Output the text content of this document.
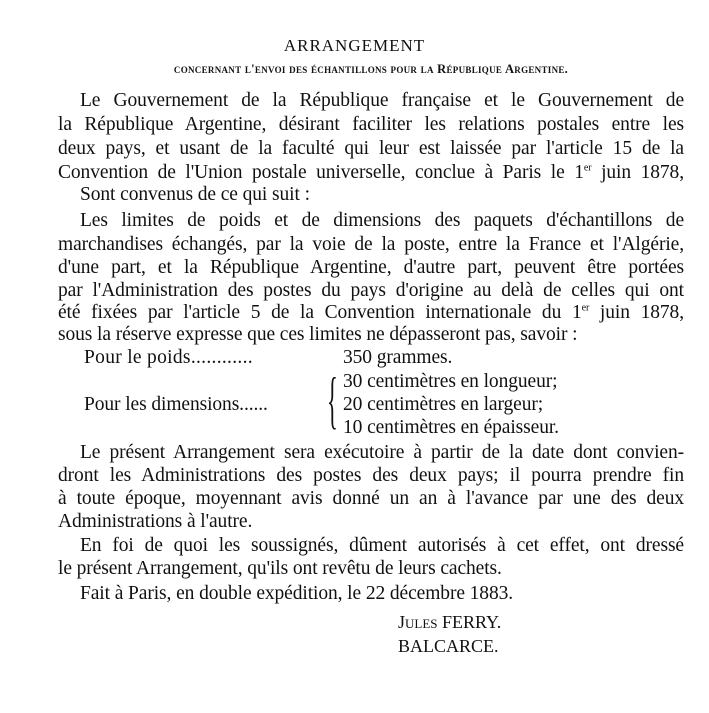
ARRANGEMENT
concernant l'envoi des échantillons pour la République Argentine.
Le Gouvernement de la République française et le Gouvernement de
la République Argentine, désirant faciliter les relations postales entre les
deux pays, et usant de la faculté qui leur est laissée par l'article 15 de la
Convention de l'Union postale universelle, conclue à Paris le 1er juin 1878,
Sont convenus de ce qui suit :
Les limites de poids et de dimensions des paquets d'échantillons de
marchandises échangés, par la voie de la poste, entre la France et l'Algérie,
d'une part, et la République Argentine, d'autre part, peuvent être portées
par l'Administration des postes du pays d'origine au delà de celles qui ont
été fixées par l'article 5 de la Convention internationale du 1er juin 1878,
sous la réserve expresse que ces limites ne dépasseront pas, savoir :
Pour le poids............	350 grammes.
Pour les dimensions...... { 30 centimètres en longueur;
20 centimètres en largeur;
10 centimètres en épaisseur.
Le présent Arrangement sera exécutoire à partir de la date dont convien-
dront les Administrations des postes des deux pays; il pourra prendre fin
à toute époque, moyennant avis donné un an à l'avance par une des deux
Administrations à l'autre.
En foi de quoi les soussignés, dûment autorisés à cet effet, ont dressé
le présent Arrangement, qu'ils ont revêtu de leurs cachets.
Fait à Paris, en double expédition, le 22 décembre 1883.
Jules FERRY.
BALCARCE.
